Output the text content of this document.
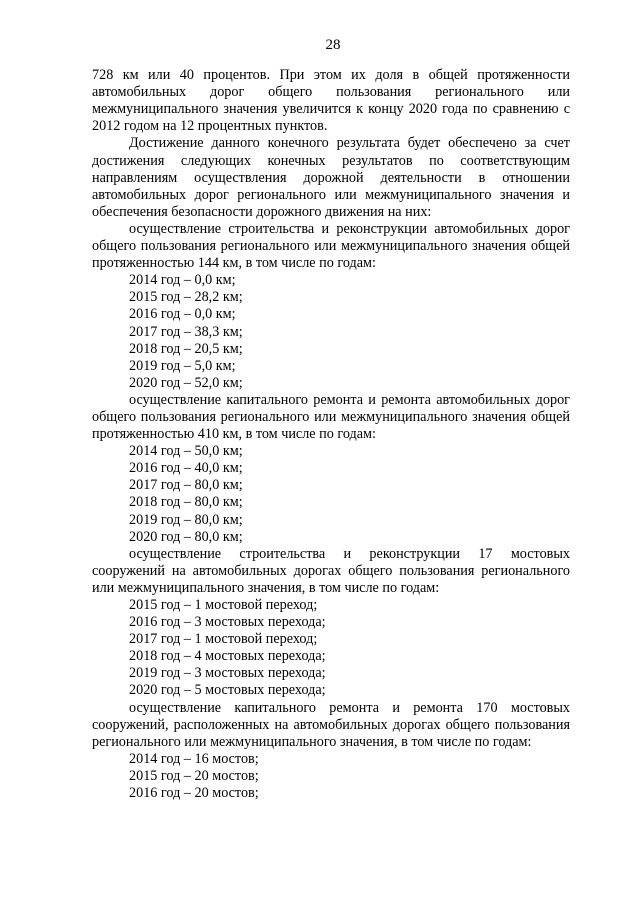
28

728 км или 40 процентов. При этом их доля в общей протяженности автомобильных дорог общего пользования регионального или межмуниципального значения увеличится к концу 2020 года по сравнению с 2012 годом на 12 процентных пунктов.

Достижение данного конечного результата будет обеспечено за счет достижения следующих конечных результатов по соответствующим направлениям осуществления дорожной деятельности в отношении автомобильных дорог регионального или межмуниципального значения и обеспечения безопасности дорожного движения на них:

осуществление строительства и реконструкции автомобильных дорог общего пользования регионального или межмуниципального значения общей протяженностью 144 км, в том числе по годам:

2014 год – 0,0 км;

2015 год – 28,2 км;

2016 год – 0,0 км;

2017 год – 38,3 км;

2018 год – 20,5 км;

2019 год – 5,0 км;

2020 год – 52,0 км;

осуществление капитального ремонта и ремонта автомобильных дорог общего пользования регионального или межмуниципального значения общей протяженностью 410 км, в том числе по годам:

2014 год – 50,0 км;

2016 год – 40,0 км;

2017 год – 80,0 км;

2018 год – 80,0 км;

2019 год – 80,0 км;

2020 год – 80,0 км;

осуществление строительства и реконструкции 17 мостовых сооружений на автомобильных дорогах общего пользования регионального или межмуниципального значения, в том числе по годам:

2015 год – 1 мостовой переход;

2016 год – 3 мостовых перехода;

2017 год – 1 мостовой переход;

2018 год – 4 мостовых перехода;

2019 год – 3 мостовых перехода;

2020 год – 5 мостовых перехода;

осуществление капитального ремонта и ремонта 170 мостовых сооружений, расположенных на автомобильных дорогах общего пользования регионального или межмуниципального значения, в том числе по годам:

2014 год – 16 мостов;

2015 год – 20 мостов;

2016 год – 20 мостов;
